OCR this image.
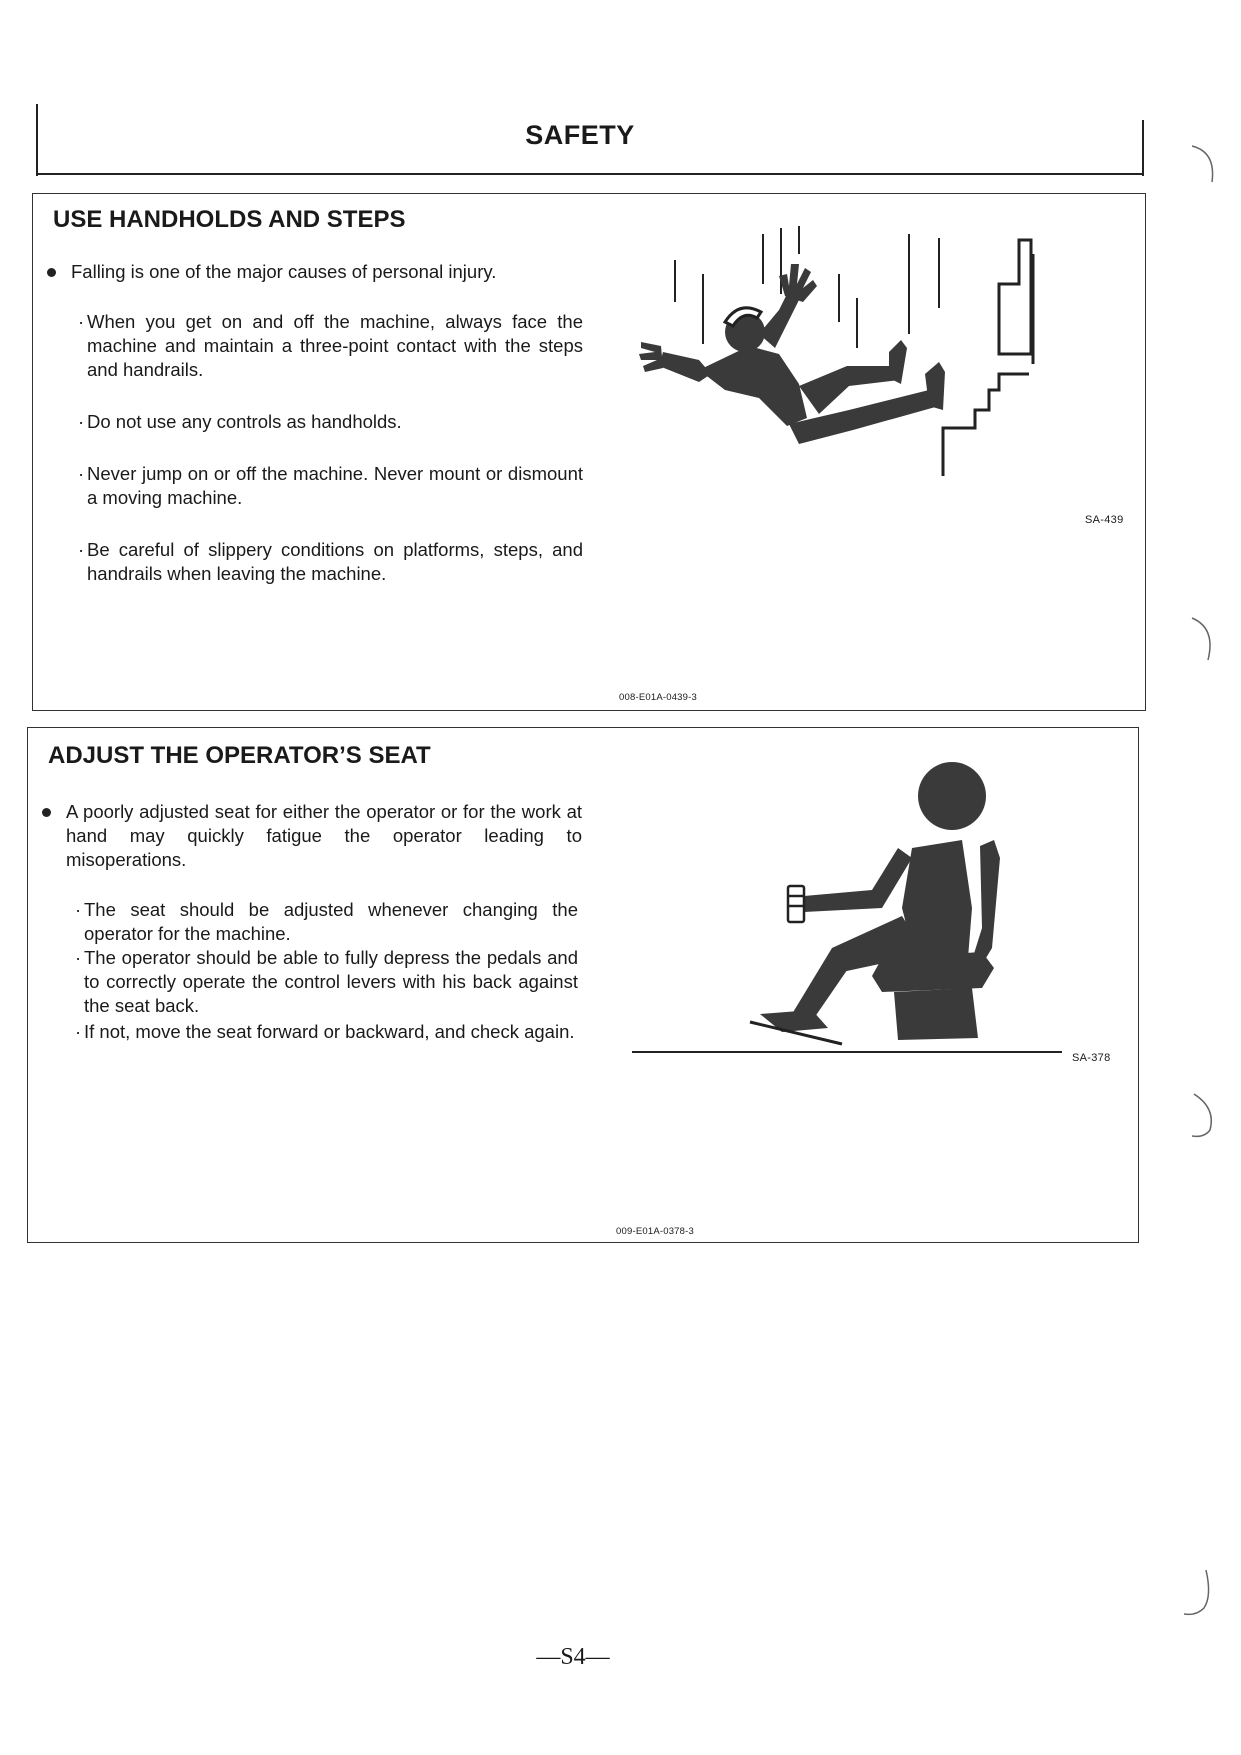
SAFETY
USE HANDHOLDS AND STEPS
Falling is one of the major causes of personal injury.
· When you get on and off the machine, always face the machine and maintain a three-point contact with the steps and handrails.
· Do not use any controls as handholds.
· Never jump on or off the machine. Never mount or dismount a moving machine.
· Be careful of slippery conditions on platforms, steps, and handrails when leaving the machine.
SA-439
008-E01A-0439-3
ADJUST THE OPERATOR’S SEAT
A poorly adjusted seat for either the operator or for the work at hand may quickly fatigue the operator leading to misoperations.
· The seat should be adjusted whenever changing the operator for the machine.
· The operator should be able to fully depress the pedals and to correctly operate the control levers with his back against the seat back.
· If not, move the seat forward or backward, and check again.
SA-378
009-E01A-0378-3
—S4—
